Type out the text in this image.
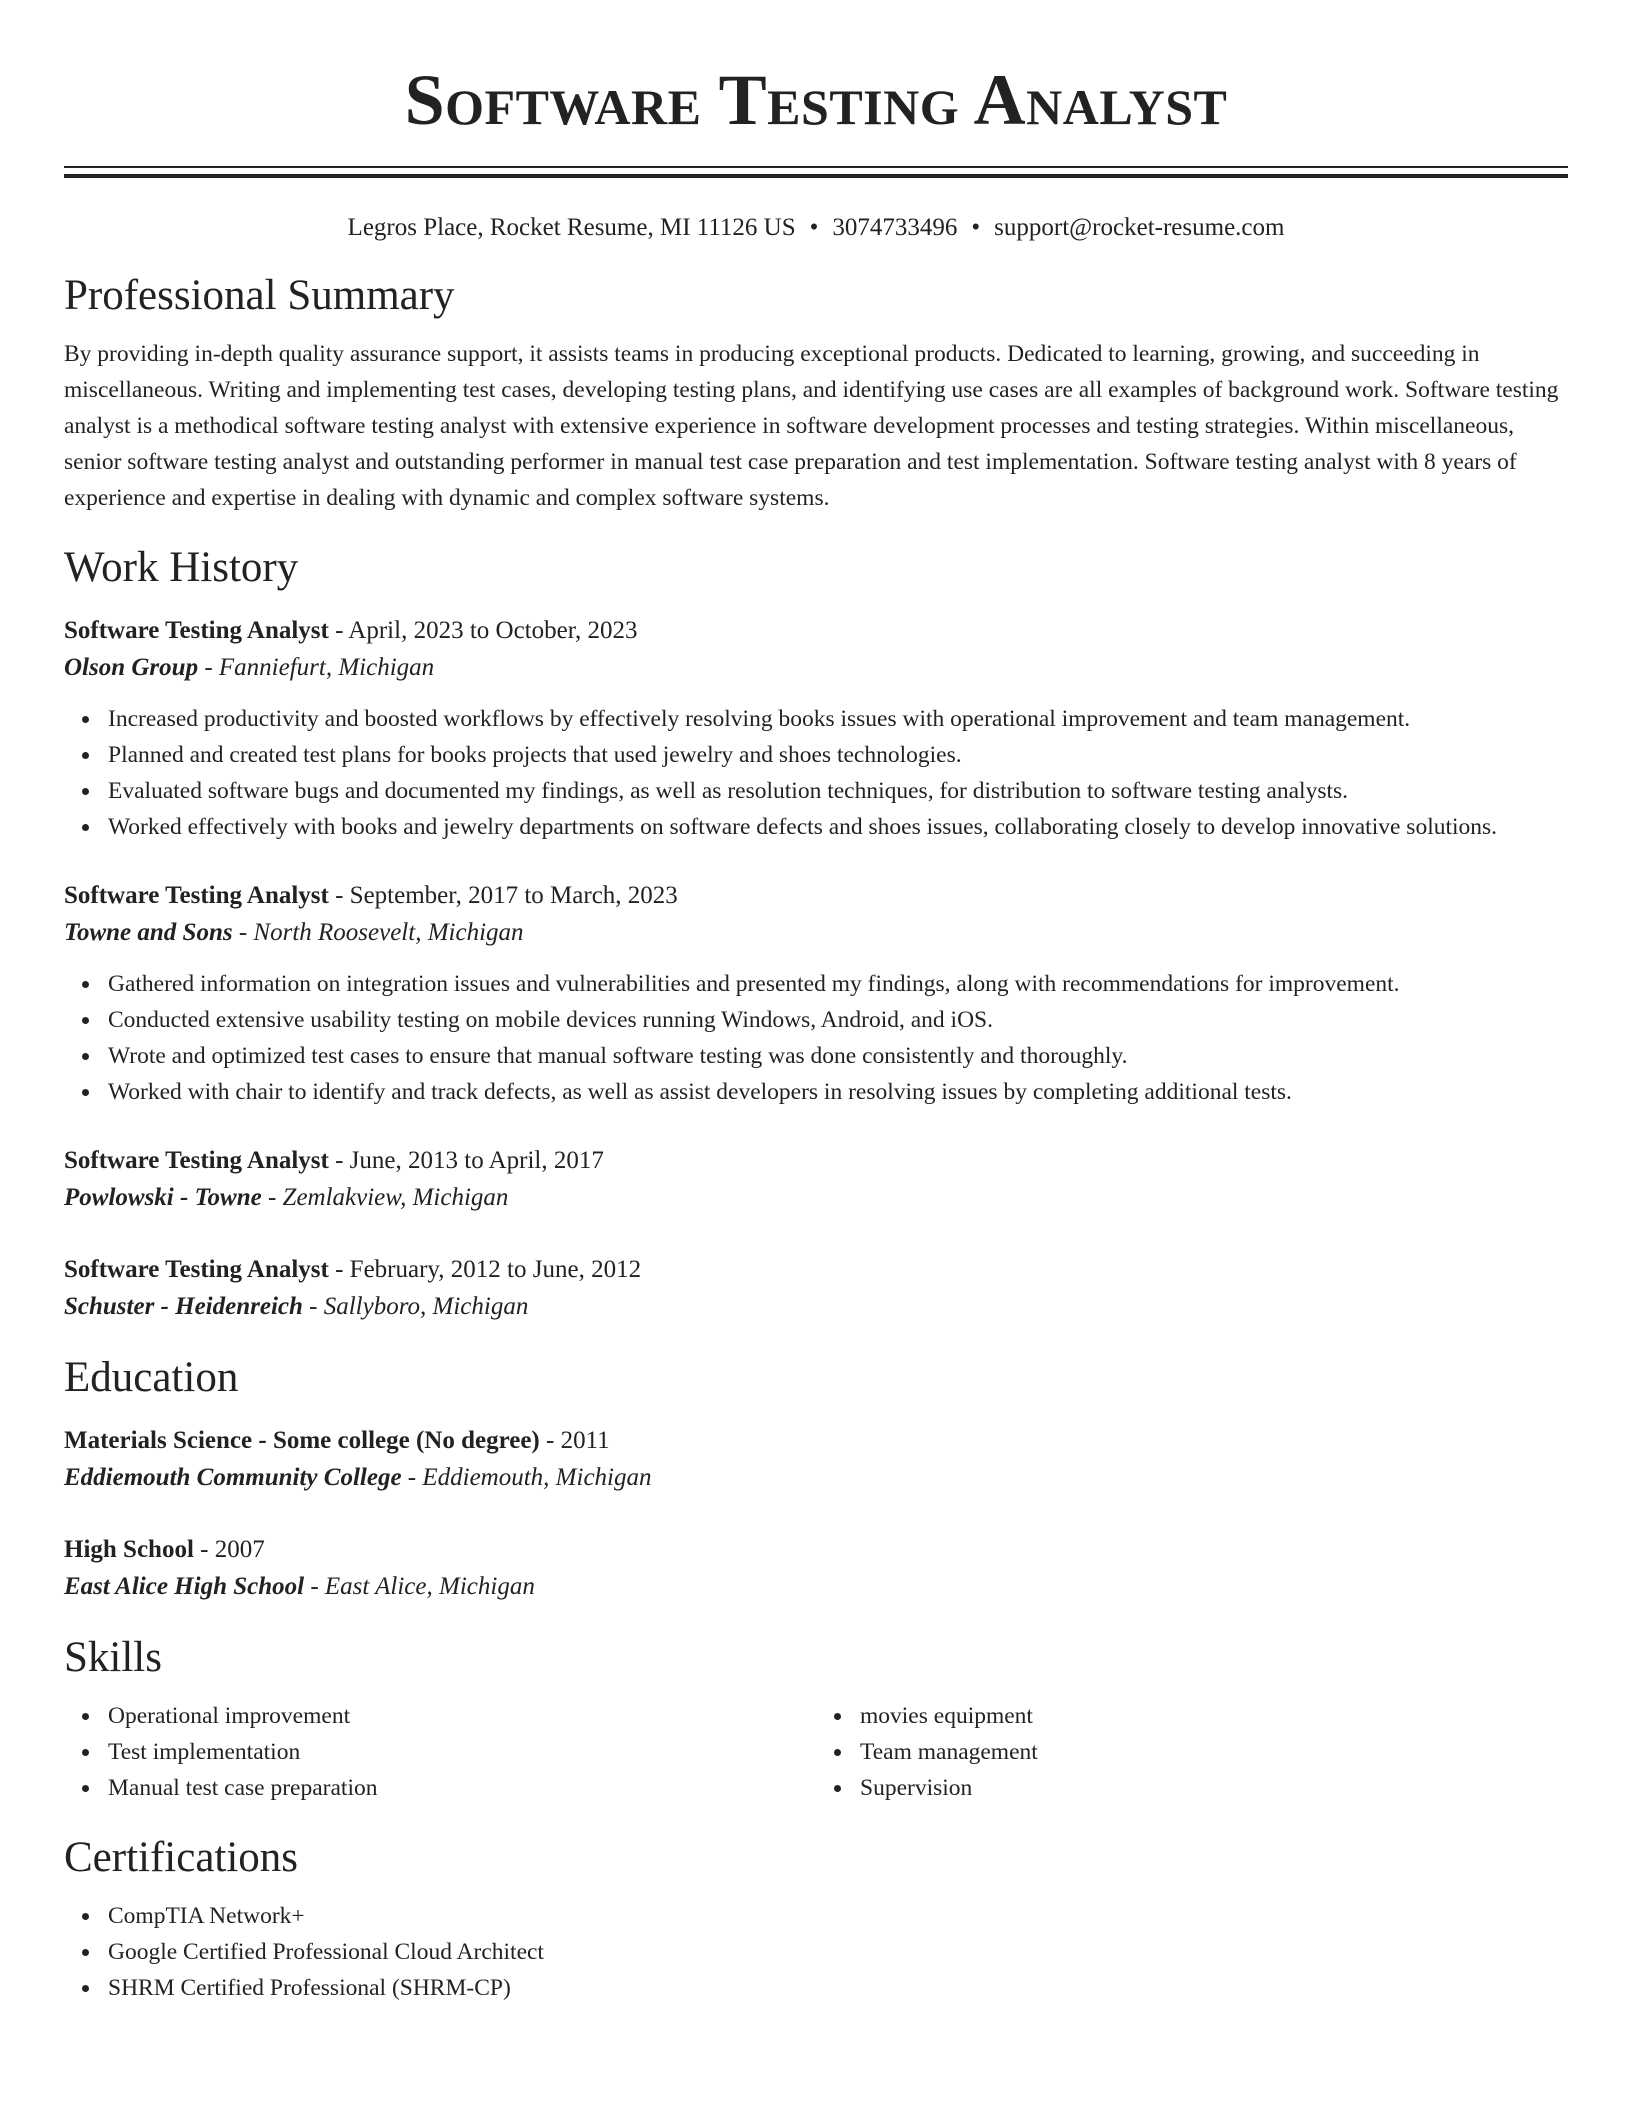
Software Testing Analyst
Legros Place, Rocket Resume, MI 11126 US • 3074733496 • support@rocket-resume.com
Professional Summary

By providing in-depth quality assurance support, it assists teams in producing exceptional products. Dedicated to learning, growing, and succeeding in miscellaneous. Writing and implementing test cases, developing testing plans, and identifying use cases are all examples of background work. Software testing analyst is a methodical software testing analyst with extensive experience in software development processes and testing strategies. Within miscellaneous, senior software testing analyst and outstanding performer in manual test case preparation and test implementation. Software testing analyst with 8 years of experience and expertise in dealing with dynamic and complex software systems.

Work History

Software Testing Analyst - April, 2023 to October, 2023

Olson Group - Fanniefurt, Michigan

Increased productivity and boosted workflows by effectively resolving books issues with operational improvement and team management.
Planned and created test plans for books projects that used jewelry and shoes technologies.
Evaluated software bugs and documented my findings, as well as resolution techniques, for distribution to software testing analysts.
Worked effectively with books and jewelry departments on software defects and shoes issues, collaborating closely to develop innovative solutions.

Software Testing Analyst - September, 2017 to March, 2023

Towne and Sons - North Roosevelt, Michigan

Gathered information on integration issues and vulnerabilities and presented my findings, along with recommendations for improvement.
Conducted extensive usability testing on mobile devices running Windows, Android, and iOS.
Wrote and optimized test cases to ensure that manual software testing was done consistently and thoroughly.
Worked with chair to identify and track defects, as well as assist developers in resolving issues by completing additional tests.

Software Testing Analyst - June, 2013 to April, 2017

Powlowski - Towne - Zemlakview, Michigan

Software Testing Analyst - February, 2012 to June, 2012

Schuster - Heidenreich - Sallyboro, Michigan

Education

Materials Science - Some college (No degree) - 2011

Eddiemouth Community College - Eddiemouth, Michigan

High School - 2007

East Alice High School - East Alice, Michigan

Skills
Operational improvement
Test implementation
Manual test case preparation
movies equipment
Team management
Supervision
Certifications
CompTIA Network+
Google Certified Professional Cloud Architect
SHRM Certified Professional (SHRM-CP)
